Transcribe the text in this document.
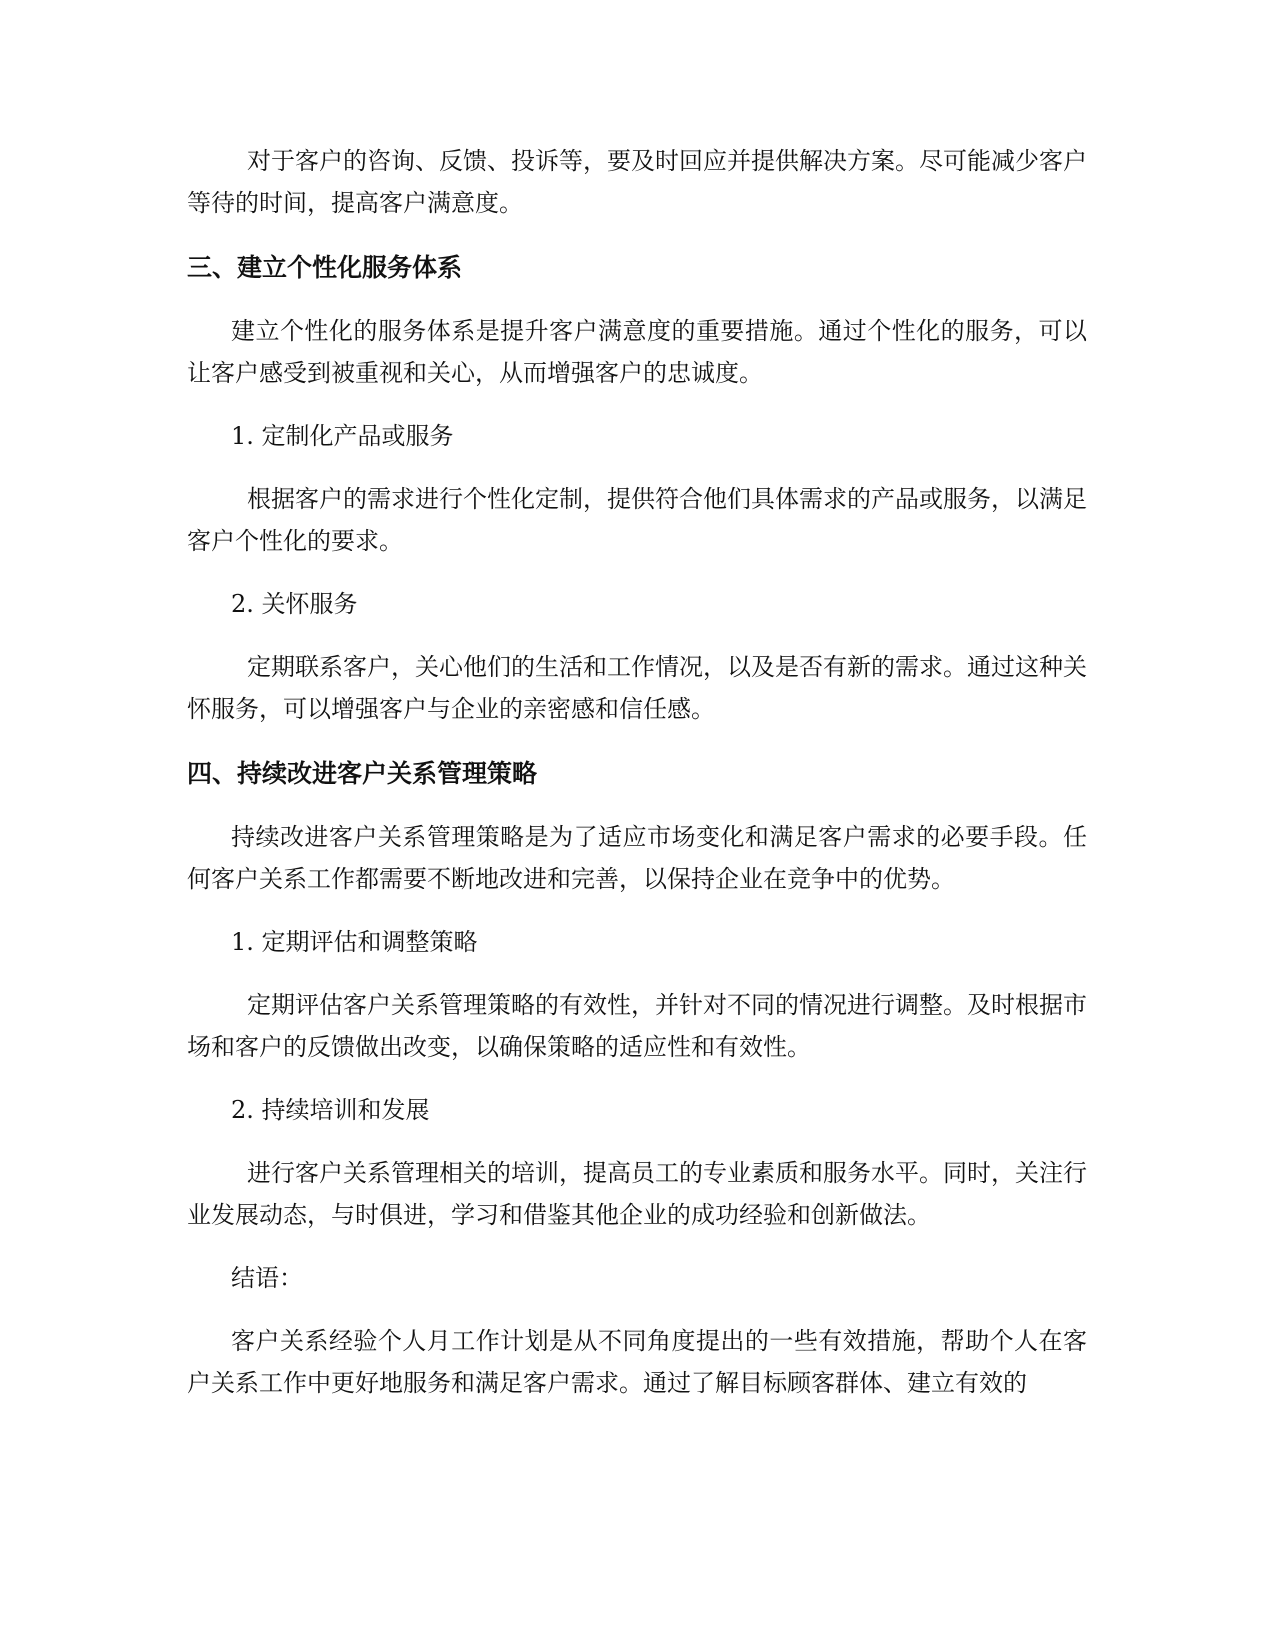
对于客户的咨询、反馈、投诉等，要及时回应并提供解决方案。尽可能减少客户等待的时间，提高客户满意度。

三、建立个性化服务体系

建立个性化的服务体系是提升客户满意度的重要措施。通过个性化的服务，可以让客户感受到被重视和关心，从而增强客户的忠诚度。

1. 定制化产品或服务

根据客户的需求进行个性化定制，提供符合他们具体需求的产品或服务，以满足客户个性化的要求。

2. 关怀服务

定期联系客户，关心他们的生活和工作情况，以及是否有新的需求。通过这种关怀服务，可以增强客户与企业的亲密感和信任感。

四、持续改进客户关系管理策略

持续改进客户关系管理策略是为了适应市场变化和满足客户需求的必要手段。任何客户关系工作都需要不断地改进和完善，以保持企业在竞争中的优势。

1. 定期评估和调整策略

定期评估客户关系管理策略的有效性，并针对不同的情况进行调整。及时根据市场和客户的反馈做出改变，以确保策略的适应性和有效性。

2. 持续培训和发展

进行客户关系管理相关的培训，提高员工的专业素质和服务水平。同时，关注行业发展动态，与时俱进，学习和借鉴其他企业的成功经验和创新做法。

结语：

客户关系经验个人月工作计划是从不同角度提出的一些有效措施，帮助个人在客户关系工作中更好地服务和满足客户需求。通过了解目标顾客群体、建立有效的
